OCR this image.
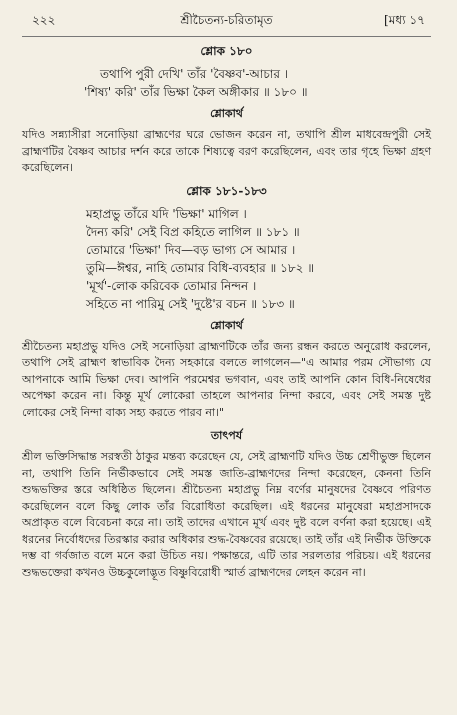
২২২	শ্রীচৈতন্য-চরিতামৃত	[মধ্য ১৭
শ্লোক ১৮০
তথাপি পুরী দেখি' তাঁর 'বৈষ্ণব'-আচার ।
'শিষ্য' করি' তাঁর ভিক্ষা কৈল অঙ্গীকার ॥ ১৮০ ॥
শ্লোকার্থ

যদিও সন্ন্যাসীরা সনোড়িয়া ব্রাহ্মণের ঘরে ভোজন করেন না, তথাপি শ্রীল মাধবেন্দ্রপুরী সেই ব্রাহ্মণটির বৈষ্ণব আচার দর্শন করে তাকে শিষ্যত্বে বরণ করেছিলেন, এবং তার গৃহে ভিক্ষা গ্রহণ করেছিলেন।

শ্লোক ১৮১-১৮৩
মহাপ্রভু তাঁরে যদি 'ভিক্ষা' মাগিল ।
দৈন্য করি' সেই বিপ্র কহিতে লাগিল ॥ ১৮১ ॥
তোমারে 'ভিক্ষা' দিব—বড় ভাগ্য সে আমার ।
তুমি—ঈশ্বর, নাহি তোমার বিধি-ব্যবহার ॥ ১৮২ ॥
'মূর্খ'-লোক করিবেক তোমার নিন্দন ।
সহিতে না পারিমু সেই 'দুষ্টে'র বচন ॥ ১৮৩ ॥
শ্লোকার্থ

শ্রীচৈতন্য মহাপ্রভু যদিও সেই সনোড়িয়া ব্রাহ্মণটিকে তাঁর জন্য রন্ধন করতে অনুরোধ করলেন, তথাপি সেই ব্রাহ্মণ স্বাভাবিক দৈন্য সহকারে বলতে লাগলেন—"এ আমার পরম সৌভাগ্য যে আপনাকে আমি ভিক্ষা দেব। আপনি পরমেশ্বর ভগবান, এবং তাই আপনি কোন বিধি-নিষেধের অপেক্ষা করেন না। কিন্তু মূর্খ লোকেরা তাহলে আপনার নিন্দা করবে, এবং সেই সমস্ত দুষ্ট লোকের সেই নিন্দা বাক্য সহ্য করতে পারব না।"

তাৎপর্য

শ্রীল ভক্তিসিদ্ধান্ত সরস্বতী ঠাকুর মন্তব্য করেছেন যে, সেই ব্রাহ্মণটি যদিও উচ্চ শ্রেণীভুক্ত ছিলেন না, তথাপি তিনি নির্ভীকভাবে সেই সমস্ত জাতি-ব্রাহ্মণদের নিন্দা করেছেন, কেননা তিনি শুদ্ধভক্তির স্তরে অধিষ্ঠিত ছিলেন। শ্রীচৈতন্য মহাপ্রভু নিম্ন বর্ণের মানুষদের বৈষ্ণবে পরিণত করেছিলেন বলে কিছু লোক তাঁর বিরোধিতা করেছিল। এই ধরনের মানুষেরা মহাপ্রসাদকে অপ্রাকৃত বলে বিবেচনা করে না। তাই তাদের এখানে মূর্খ এবং দুষ্ট বলে বর্ণনা করা হয়েছে। এই ধরনের নির্বোধদের তিরস্কার করার অধিকার শুদ্ধ-বৈষ্ণবের রয়েছে। তাই তাঁর এই নির্ভীক উক্তিকে দম্ভ বা গর্বজাত বলে মনে করা উচিত নয়। পক্ষান্তরে, এটি তার সরলতার পরিচয়। এই ধরনের শুদ্ধভক্তেরা কখনও উচ্চকুলোদ্ভূত বিষ্ণুবিরোধী স্মার্ত ব্রাহ্মণদের লেহন করেন না।
